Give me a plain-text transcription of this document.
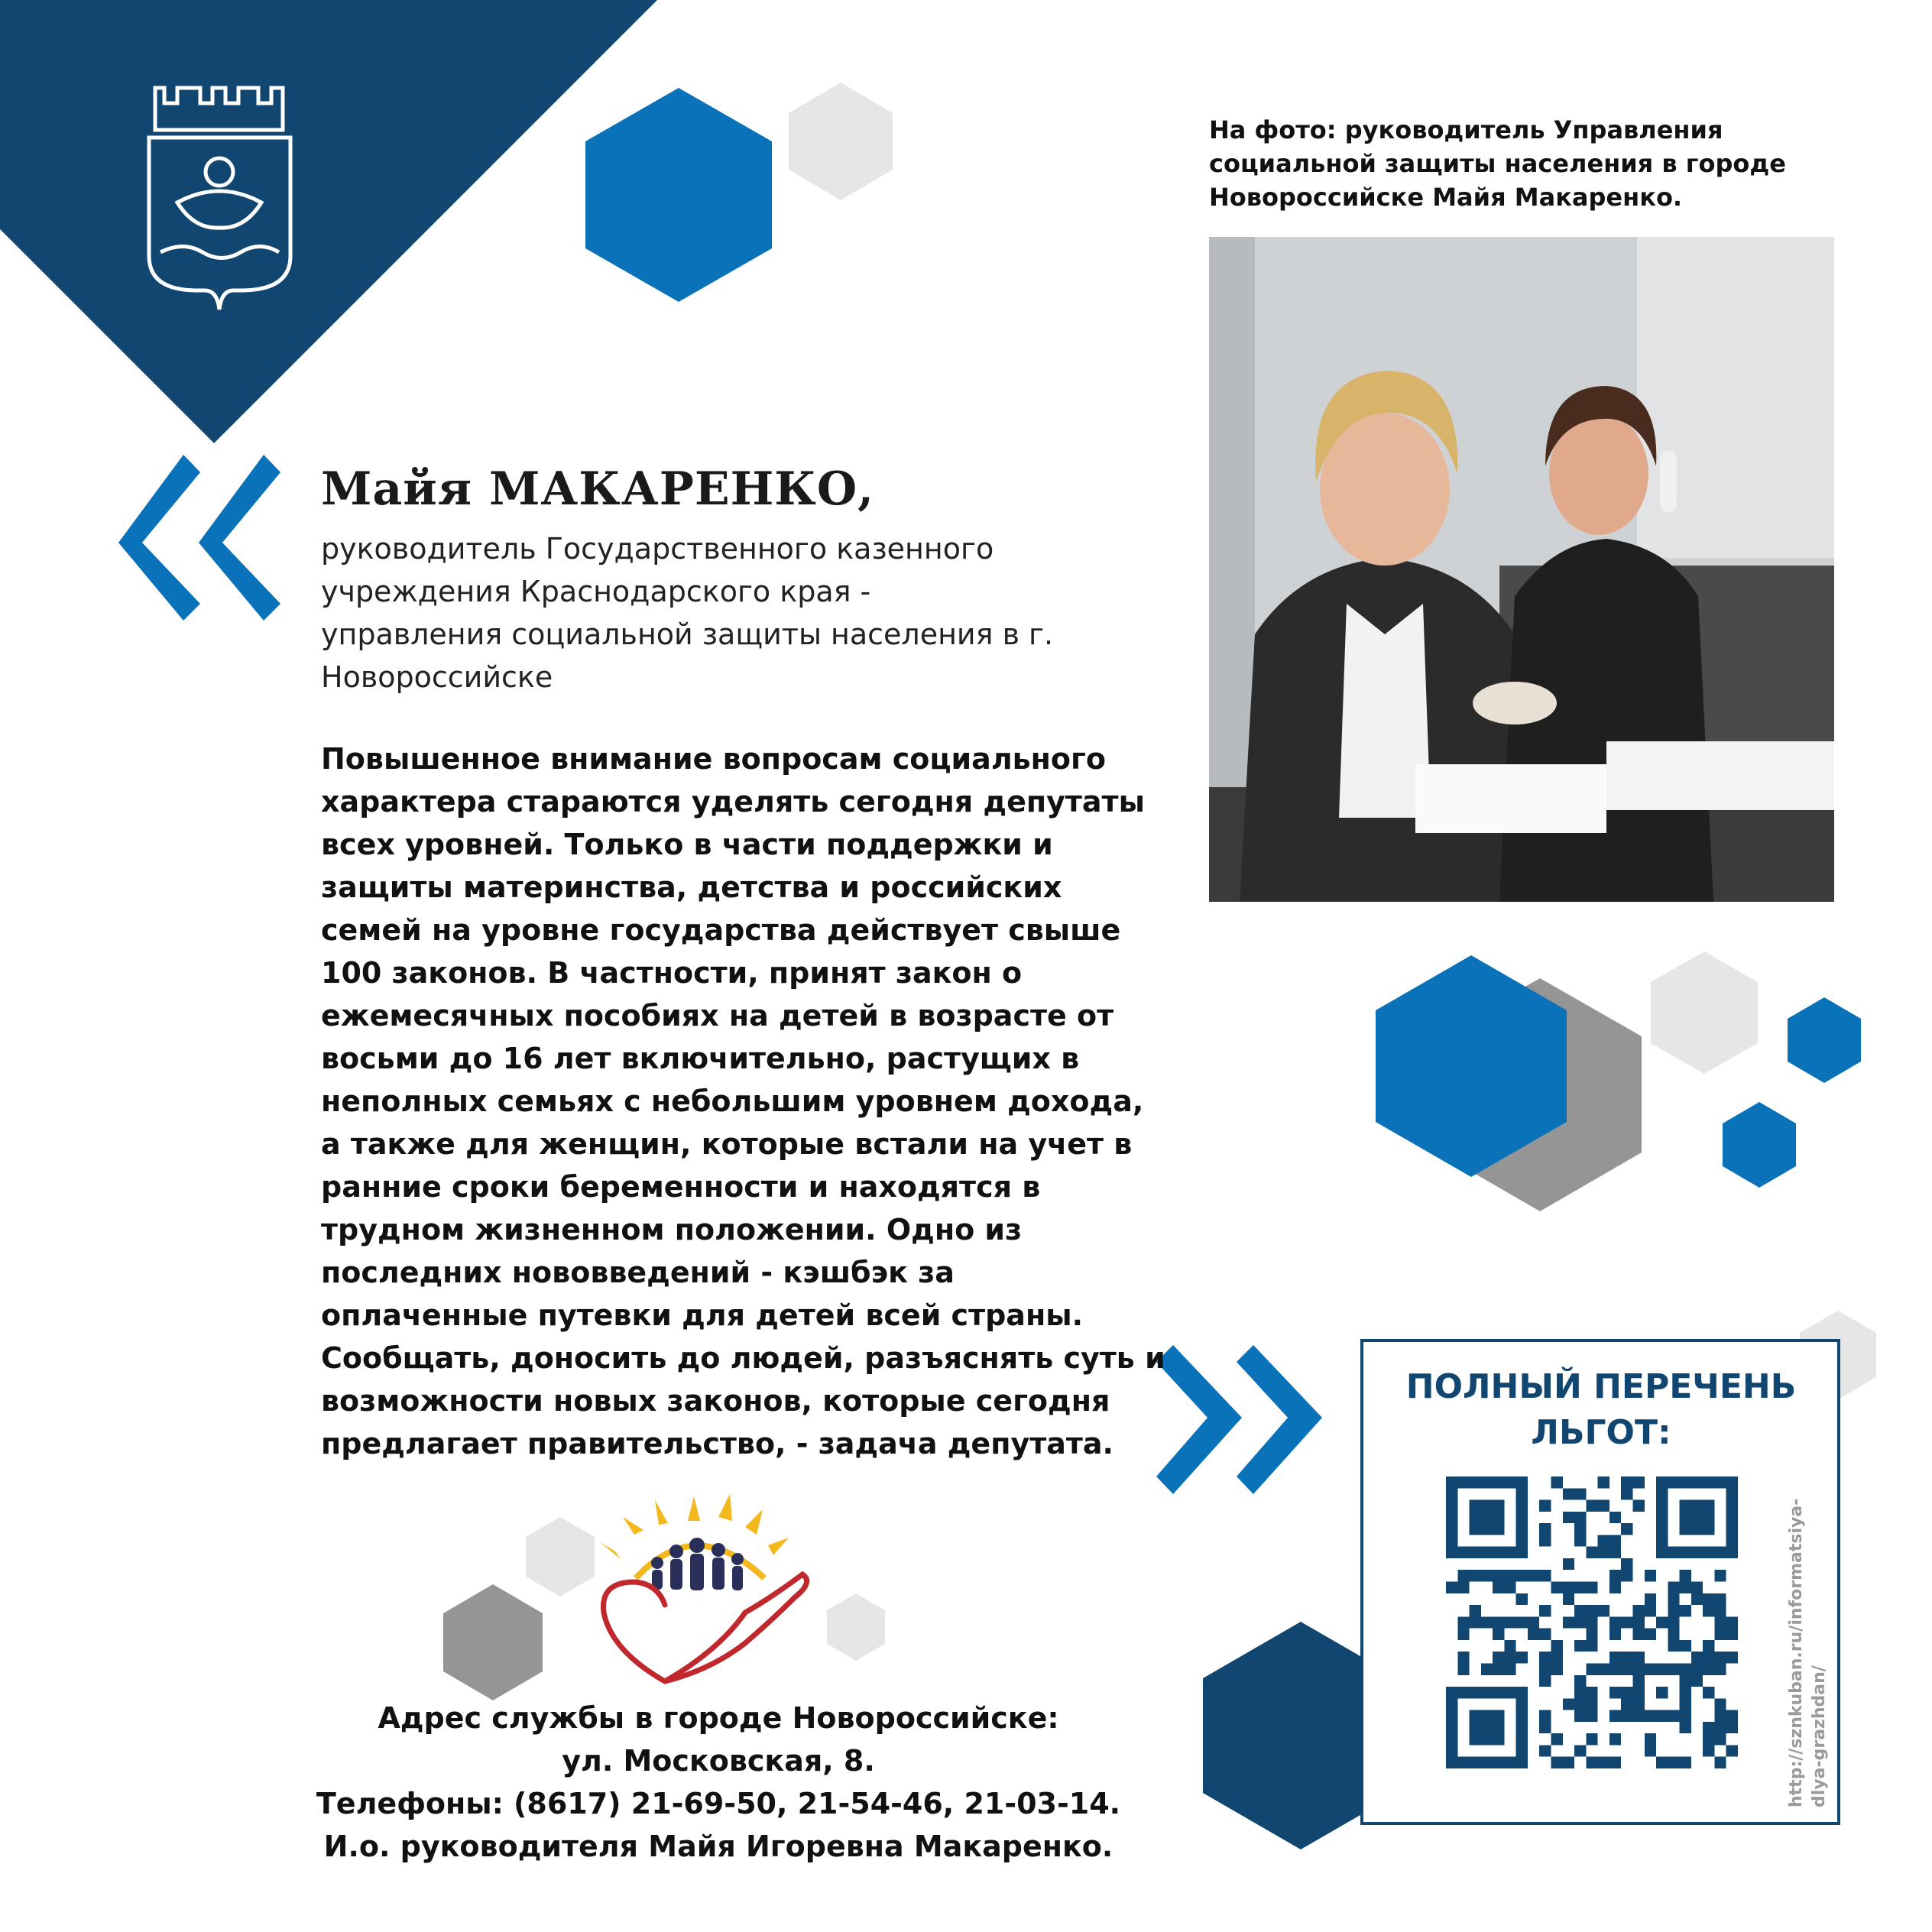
На фото: руководитель Управления социальной защиты населения в городе Новороссийске Майя Макаренко.
Майя МАКАРЕНКО,
руководитель Государственного казенного учреждения Краснодарского края - управления социальной защиты населения в г. Новороссийске
Повышенное внимание вопросам социального характера стараются уделять сегодня депутаты всех уровней. Только в части поддержки и защиты материнства, детства и российских семей на уровне государства действует свыше 100 законов. В частности, принят закон о ежемесячных пособиях на детей в возрасте от восьми до 16 лет включительно, растущих в неполных семьях с небольшим уровнем дохода, а также для женщин, которые встали на учет в ранние сроки беременности и находятся в трудном жизненном положении. Одно из последних нововведений - кэшбэк за оплаченные путевки для детей всей страны. Сообщать, доносить до людей, разъяснять суть и возможности новых законов, которые сегодня предлагает правительство, - задача депутата.
Адрес службы в городе Новороссийске:
ул. Московская, 8.
Телефоны: (8617) 21-69-50, 21-54-46, 21-03-14.
И.о. руководителя Майя Игоревна Макаренко.
ПОЛНЫЙ ПЕРЕЧЕНЬ
ЛЬГОТ:
http://sznkuban.ru/informatsiya- dlya-grazhdan/
